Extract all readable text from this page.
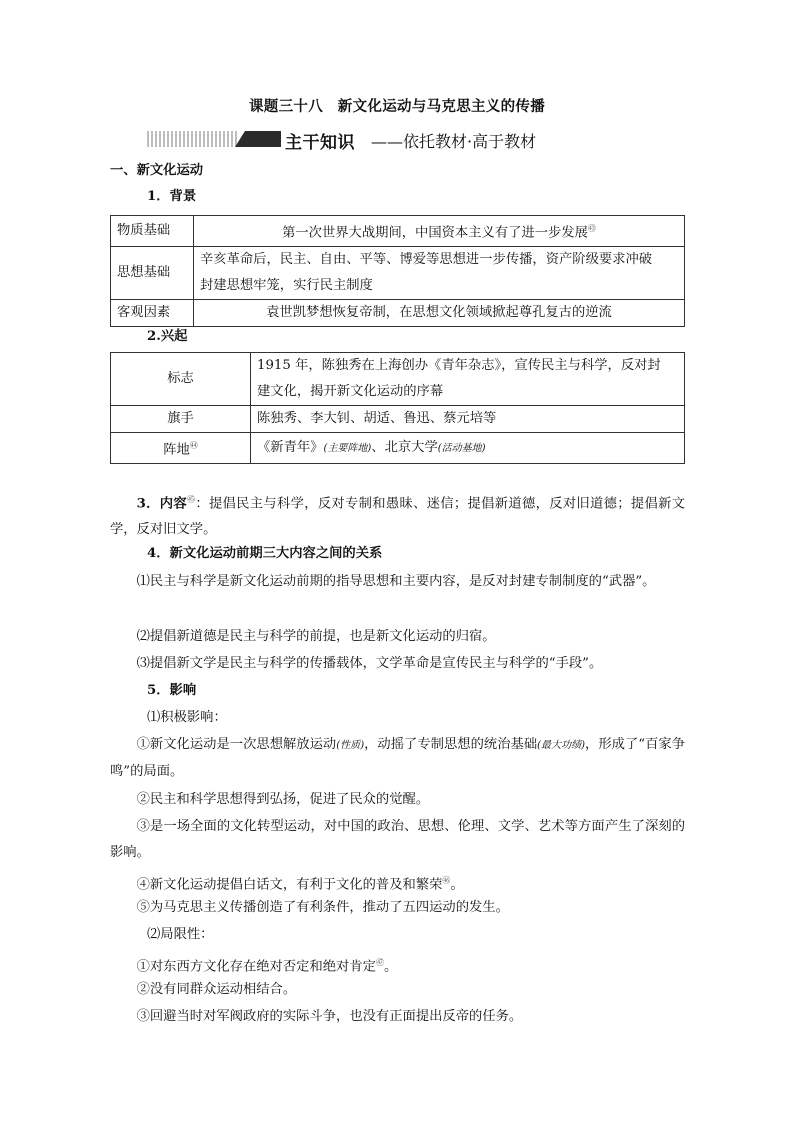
课题三十八　新文化运动与马克思主义的传播
主干知识 ——依托教材·高于教材
一、新文化运动
1．背景
物质基础	第一次世界大战期间，中国资本主义有了进一步发展$^㊸$
思想基础	辛亥革命后，民主、自由、平等、博爱等思想进一步传播，资产阶级要求冲破
封建思想牢笼，实行民主制度

客观因素	袁世凯梦想恢复帝制，在思想文化领域掀起尊孔复古的逆流
2.兴起
标志	1915 年，陈独秀在上海创办《青年杂志》，宣传民主与科学，反对封
建文化，揭开新文化运动的序幕

旗手	陈独秀、李大钊、胡适、鲁迅、蔡元培等
阵地$^㊹$	《新青年》(主要阵地)、北京大学(活动基地)
3．内容$^㊺$：提倡民主与科学，反对专制和愚昧、迷信；提倡新道德，反对旧道德；提倡新文学，反对旧文学。
4．新文化运动前期三大内容之间的关系
⑴民主与科学是新文化运动前期的指导思想和主要内容，是反对封建专制制度的“武器”。
⑵提倡新道德是民主与科学的前提，也是新文化运动的归宿。
⑶提倡新文学是民主与科学的传播载体，文学革命是宣传民主与科学的“手段”。
5．影响
⑴积极影响：
①新文化运动是一次思想解放运动(性质)，动摇了专制思想的统治基础(最大功绩)，形成了“百家争鸣”的局面。
②民主和科学思想得到弘扬，促进了民众的觉醒。
③是一场全面的文化转型运动，对中国的政治、思想、伦理、文学、艺术等方面产生了深刻的影响。
④新文化运动提倡白话文，有利于文化的普及和繁荣$^㊻$。
⑤为马克思主义传播创造了有利条件，推动了五四运动的发生。
⑵局限性：
①对东西方文化存在绝对否定和绝对肯定$^㊼$。
②没有同群众运动相结合。
③回避当时对军阀政府的实际斗争，也没有正面提出反帝的任务。
